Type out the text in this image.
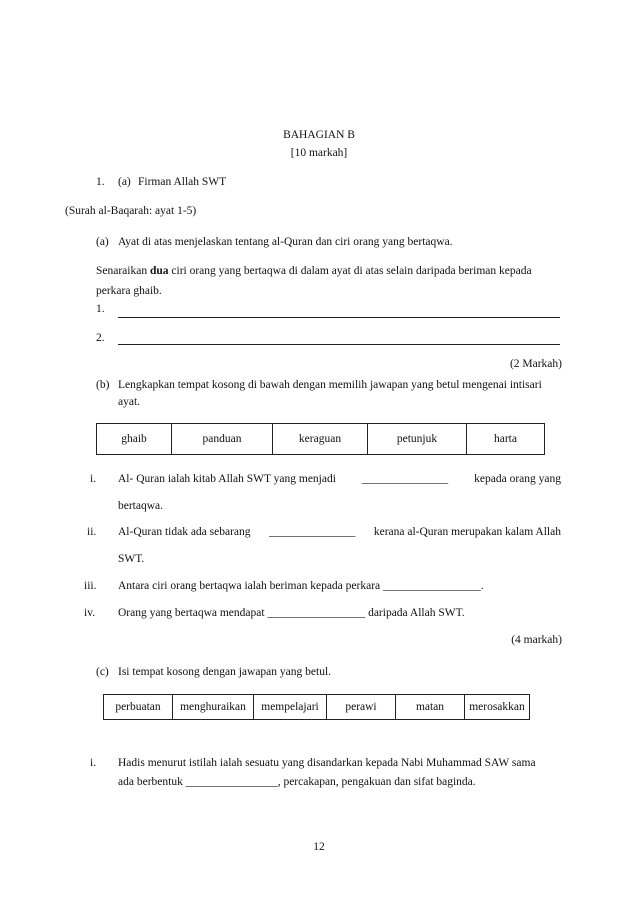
BAHAGIAN B
[10 markah]
1. (a) Firman Allah SWT
(Surah al-Baqarah: ayat 1-5)
(a) Ayat di atas menjelaskan tentang al-Quran dan ciri orang yang bertaqwa.
Senaraikan dua ciri orang yang bertaqwa di dalam ayat di atas selain daripada beriman kepada
perkara ghaib.
1.
2.
(2 Markah)
(b) Lengkapkan tempat kosong di bawah dengan memilih jawapan yang betul mengenai intisari
ayat.
ghaib	panduan	keraguan	petunjuk	harta
i. Al- Quran ialah kitab Allah SWT yang menjadi _______________ kepada orang yang
bertaqwa.
ii. Al-Quran tidak ada sebarang _______________ kerana al-Quran merupakan kalam Allah
SWT.
iii. Antara ciri orang bertaqwa ialah beriman kepada perkara _________________.
iv. Orang yang bertaqwa mendapat _________________ daripada Allah SWT.
(4 markah)
(c) Isi tempat kosong dengan jawapan yang betul.
perbuatan	menghuraikan	mempelajari	perawi	matan	merosakkan
i. Hadis menurut istilah ialah sesuatu yang disandarkan kepada Nabi Muhammad SAW sama
ada berbentuk ________________, percakapan, pengakuan dan sifat baginda.
12
